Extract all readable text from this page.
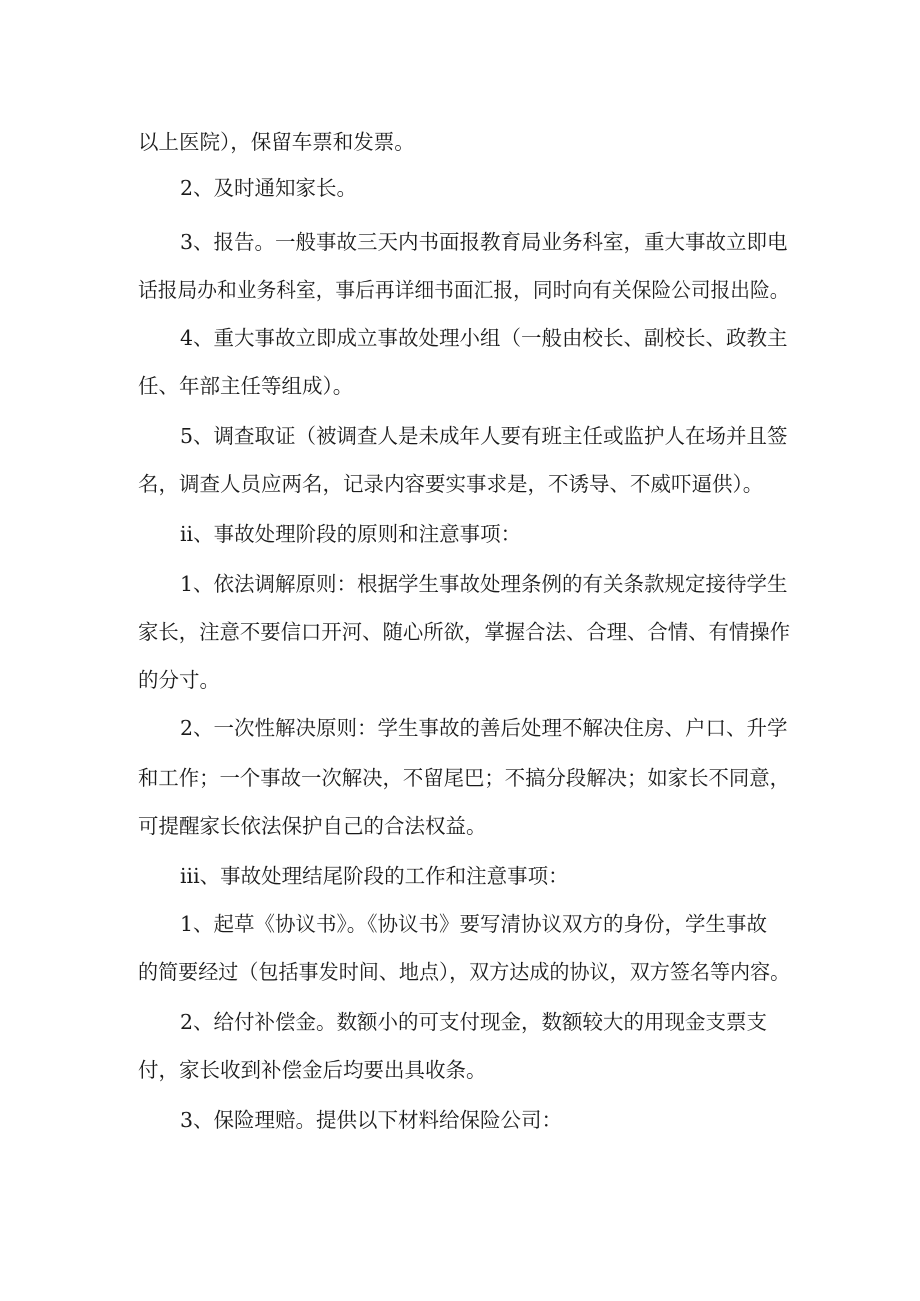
以上医院），保留车票和发票。
2、及时通知家长。
3、报告。一般事故三天内书面报教育局业务科室，重大事故立即电
话报局办和业务科室，事后再详细书面汇报，同时向有关保险公司报出险。
4、重大事故立即成立事故处理小组（一般由校长、副校长、政教主
任、年部主任等组成）。
5、调查取证（被调查人是未成年人要有班主任或监护人在场并且签
名，调查人员应两名，记录内容要实事求是，不诱导、不威吓逼供）。
ii、事故处理阶段的原则和注意事项：
1、依法调解原则：根据学生事故处理条例的有关条款规定接待学生
家长，注意不要信口开河、随心所欲，掌握合法、合理、合情、有情操作
的分寸。
2、一次性解决原则：学生事故的善后处理不解决住房、户口、升学
和工作；一个事故一次解决，不留尾巴；不搞分段解决；如家长不同意，
可提醒家长依法保护自己的合法权益。
iii、事故处理结尾阶段的工作和注意事项：
1、起草《协议书》。《协议书》要写清协议双方的身份，学生事故
的简要经过（包括事发时间、地点），双方达成的协议，双方签名等内容。
2、给付补偿金。数额小的可支付现金，数额较大的用现金支票支
付，家长收到补偿金后均要出具收条。
3、保险理赔。提供以下材料给保险公司：
